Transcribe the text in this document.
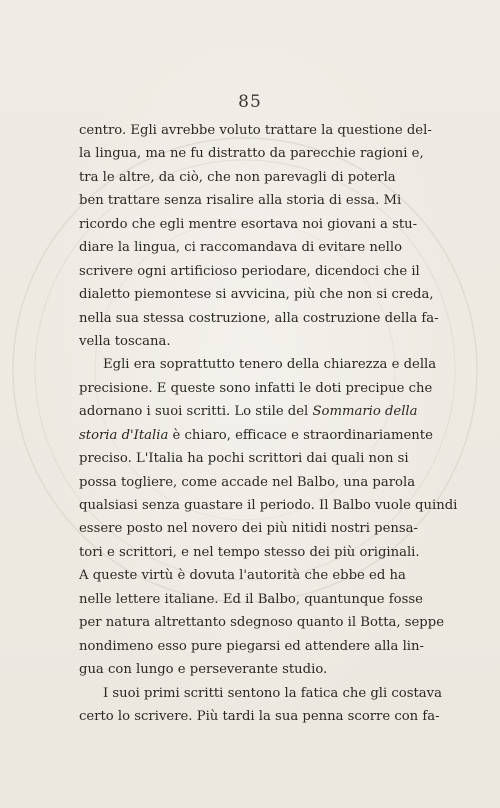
85
centro. Egli avrebbe voluto trattare la questione del-
la lingua, ma ne fu distratto da parecchie ragioni e,
tra le altre, da ciò, che non parevagli di poterla
ben trattare senza risalire alla storia di essa. Mi
ricordo che egli mentre esortava noi giovani a stu-
diare la lingua, ci raccomandava di evitare nello
scrivere ogni artificioso periodare, dicendoci che il
dialetto piemontese si avvicina, più che non si creda,
nella sua stessa costruzione, alla costruzione della fa-
vella toscana.
Egli era soprattutto tenero della chiarezza e della
precisione. E queste sono infatti le doti precipue che
adornano i suoi scritti. Lo stile del Sommario della
storia d'Italia è chiaro, efficace e straordinariamente
preciso. L'Italia ha pochi scrittori dai quali non si
possa togliere, come accade nel Balbo, una parola
qualsiasi senza guastare il periodo. Il Balbo vuole quindi
essere posto nel novero dei più nitidi nostri pensa-
tori e scrittori, e nel tempo stesso dei più originali.
A queste virtù è dovuta l'autorità che ebbe ed ha
nelle lettere italiane. Ed il Balbo, quantunque fosse
per natura altrettanto sdegnoso quanto il Botta, seppe
nondimeno esso pure piegarsi ed attendere alla lin-
gua con lungo e perseverante studio.
I suoi primi scritti sentono la fatica che gli costava
certo lo scrivere. Più tardi la sua penna scorre con fa-
